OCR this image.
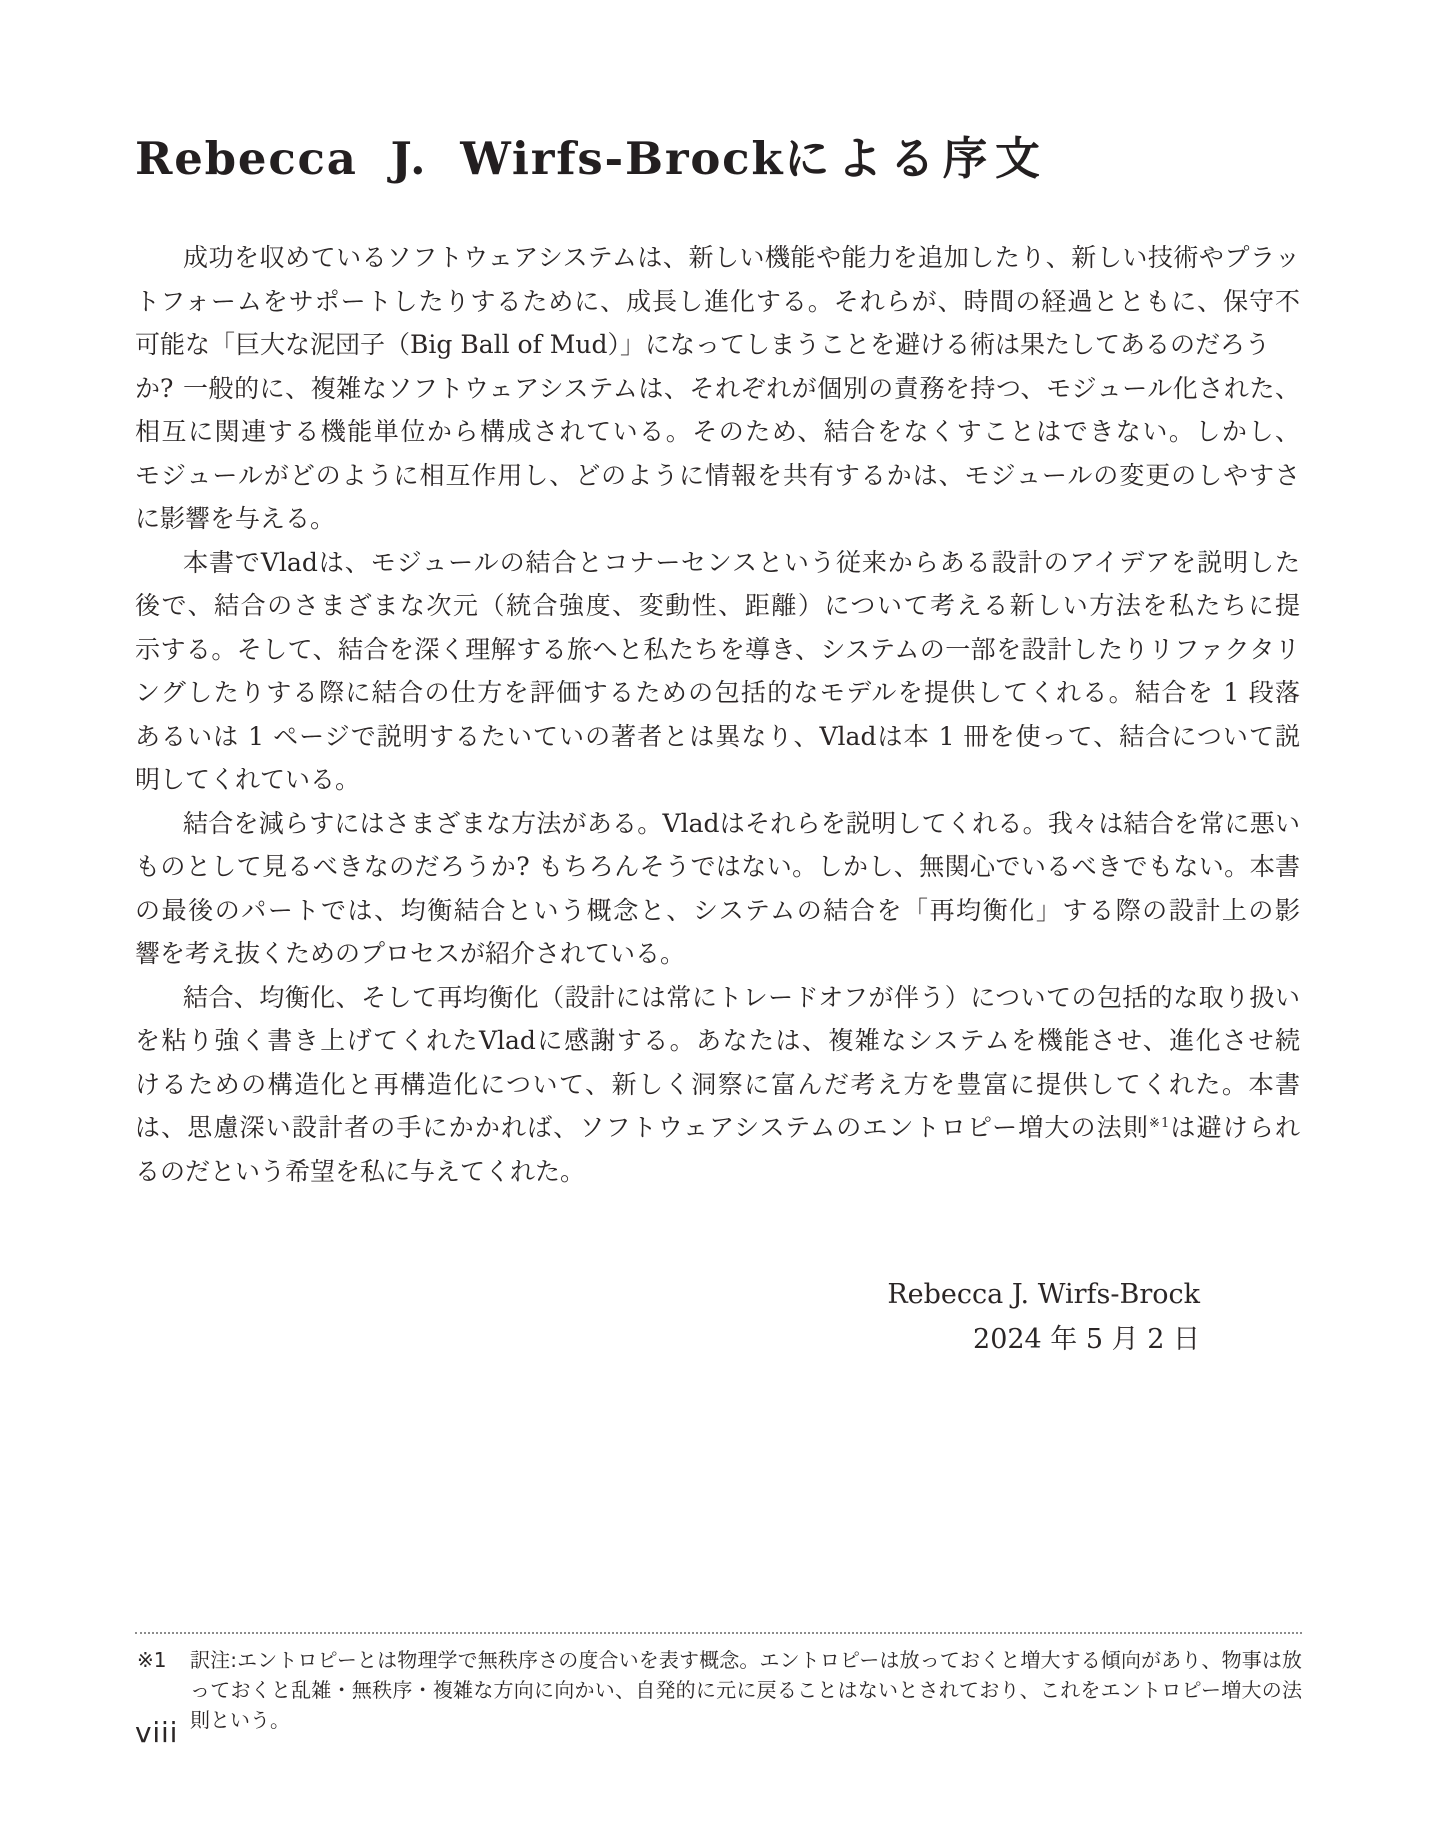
Rebecca J. Wirfs-Brockによる序文
成功を収めているソフトウェアシステムは、新しい機能や能力を追加したり、新しい技術やプラッ
トフォームをサポートしたりするために、成長し進化する。それらが、時間の経過とともに、保守不
可能な「巨大な泥団子（Big Ball of Mud）」になってしまうことを避ける術は果たしてあるのだろうか? 一般的に、複雑なソフトウェアシステムは、それぞれが個別の責務を持つ、モジュール化された、
相互に関連する機能単位から構成されている。そのため、結合をなくすことはできない。しかし、
モジュールがどのように相互作用し、どのように情報を共有するかは、モジュールの変更のしやすさ
に影響を与える。
本書でVladは、モジュールの結合とコナーセンスという従来からある設計のアイデアを説明した
後で、結合のさまざまな次元（統合強度、変動性、距離）について考える新しい方法を私たちに提
示する。そして、結合を深く理解する旅へと私たちを導き、システムの一部を設計したりリファクタリ
ングしたりする際に結合の仕方を評価するための包括的なモデルを提供してくれる。結合を 1 段落
あるいは 1 ページで説明するたいていの著者とは異なり、Vladは本 1 冊を使って、結合について説
明してくれている。
結合を減らすにはさまざまな方法がある。Vladはそれらを説明してくれる。我々は結合を常に悪い
ものとして見るべきなのだろうか? もちろんそうではない。しかし、無関心でいるべきでもない。本書
の最後のパートでは、均衡結合という概念と、システムの結合を「再均衡化」する際の設計上の影
響を考え抜くためのプロセスが紹介されている。
結合、均衡化、そして再均衡化（設計には常にトレードオフが伴う）についての包括的な取り扱い
を粘り強く書き上げてくれたVladに感謝する。あなたは、複雑なシステムを機能させ、進化させ続
けるための構造化と再構造化について、新しく洞察に富んだ考え方を豊富に提供してくれた。本書
は、思慮深い設計者の手にかかれば、ソフトウェアシステムのエントロピー増大の法則$^{※1}$は避けられ
るのだという希望を私に与えてくれた。
Rebecca J. Wirfs-Brock
2024 年 5 月 2 日
※1	訳注:エントロピーとは物理学で無秩序さの度合いを表す概念。エントロピーは放っておくと増大する傾向があり、物事は放っておくと乱雑・無秩序・複雑な方向に向かい、自発的に元に戻ることはないとされており、これをエントロピー増大の法則という。
viii
